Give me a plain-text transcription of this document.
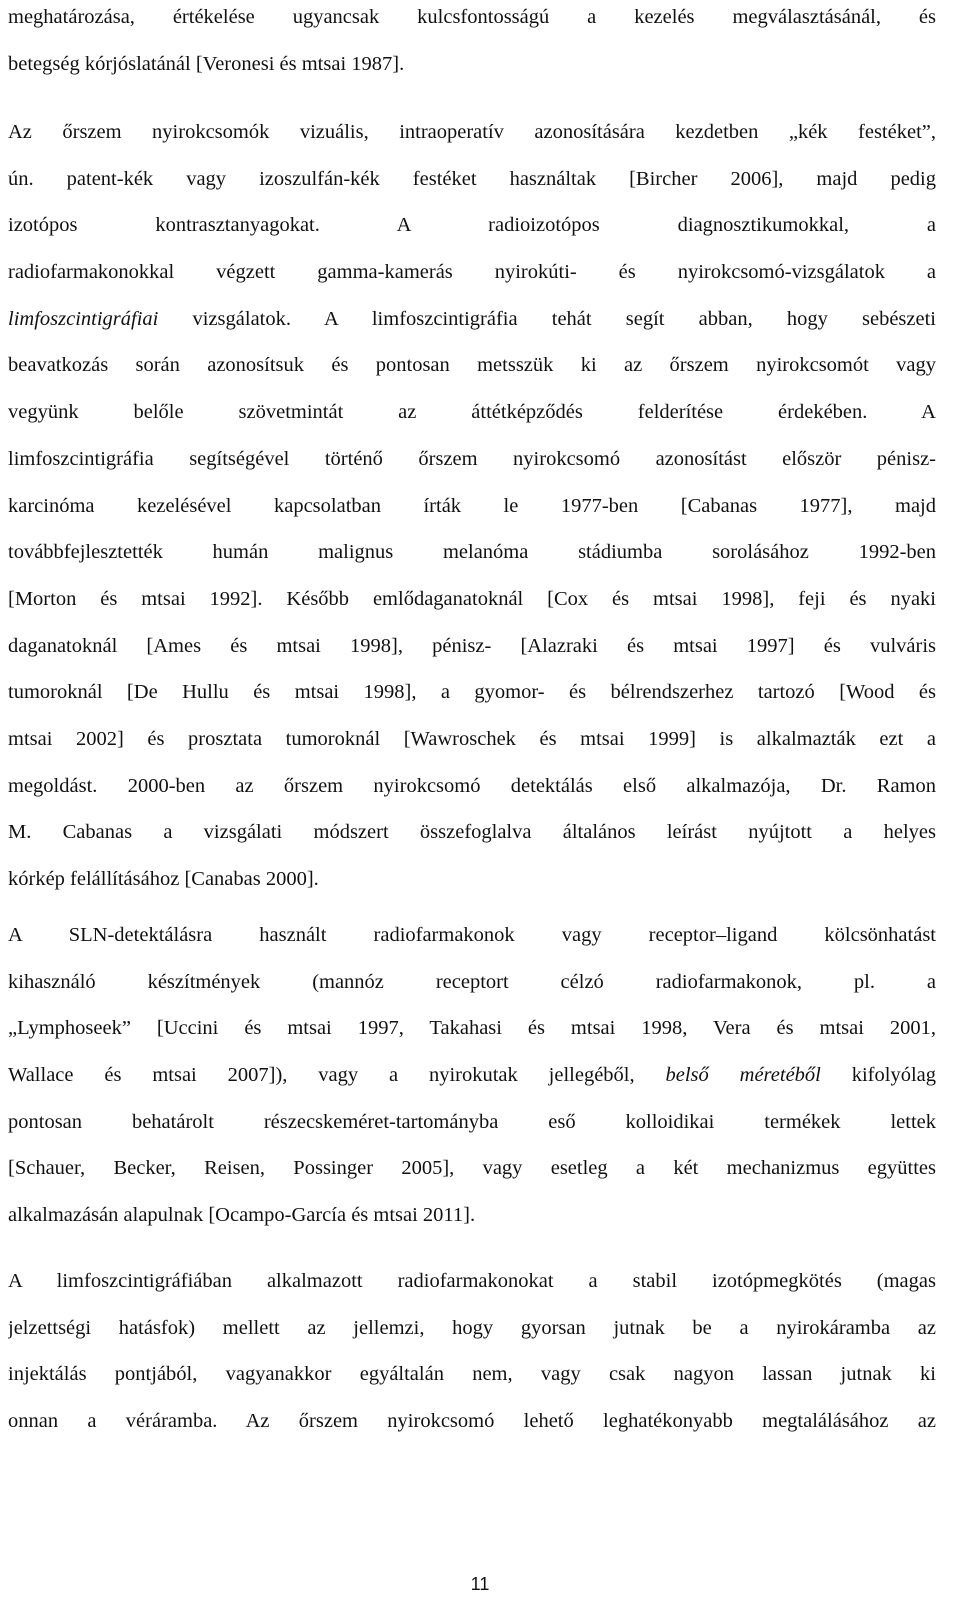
meghatározása, értékelése ugyancsak kulcsfontosságú a kezelés megválasztásánál, és
betegség kórjóslatánál [Veronesi és mtsai 1987].
Az őrszem nyirokcsomók vizuális, intraoperatív azonosítására kezdetben „kék festéket”,
ún. patent-kék vagy izoszulfán-kék festéket használtak [Bircher 2006], majd pedig
izotópos kontrasztanyagokat. A radioizotópos diagnosztikumokkal, a
radiofarmakonokkal végzett gamma-kamerás nyirokúti- és nyirokcsomó-vizsgálatok a
limfoszcintigráfiai vizsgálatok. A limfoszcintigráfia tehát segít abban, hogy sebészeti
beavatkozás során azonosítsuk és pontosan metsszük ki az őrszem nyirokcsomót vagy
vegyünk belőle szövetmintát az áttétképződés felderítése érdekében. A
limfoszcintigráfia segítségével történő őrszem nyirokcsomó azonosítást először pénisz-
karcinóma kezelésével kapcsolatban írták le 1977-ben [Cabanas 1977], majd
továbbfejlesztették humán malignus melanóma stádiumba sorolásához 1992-ben
[Morton és mtsai 1992]. Később emlődaganatoknál [Cox és mtsai 1998], feji és nyaki
daganatoknál [Ames és mtsai 1998], pénisz- [Alazraki és mtsai 1997] és vulváris
tumoroknál [De Hullu és mtsai 1998], a gyomor- és bélrendszerhez tartozó [Wood és
mtsai 2002] és prosztata tumoroknál [Wawroschek és mtsai 1999] is alkalmazták ezt a
megoldást. 2000-ben az őrszem nyirokcsomó detektálás első alkalmazója, Dr. Ramon
M. Cabanas a vizsgálati módszert összefoglalva általános leírást nyújtott a helyes
kórkép felállításához [Canabas 2000].
A SLN-detektálásra használt radiofarmakonok vagy receptor–ligand kölcsönhatást
kihasználó készítmények (mannóz receptort célzó radiofarmakonok, pl. a
„Lymphoseek” [Uccini és mtsai 1997, Takahasi és mtsai 1998, Vera és mtsai 2001,
Wallace és mtsai 2007]), vagy a nyirokutak jellegéből, belső méretéből kifolyólag
pontosan behatárolt részecskeméret-tartományba eső kolloidikai termékek lettek
[Schauer, Becker, Reisen, Possinger 2005], vagy esetleg a két mechanizmus együttes
alkalmazásán alapulnak [Ocampo-García és mtsai 2011].
A limfoszcintigráfiában alkalmazott radiofarmakonokat a stabil izotópmegkötés (magas
jelzettségi hatásfok) mellett az jellemzi, hogy gyorsan jutnak be a nyirokáramba az
injektálás pontjából, vagyanakkor egyáltalán nem, vagy csak nagyon lassan jutnak ki
onnan a véráramba. Az őrszem nyirokcsomó lehető leghatékonyabb megtalálásához az
11
